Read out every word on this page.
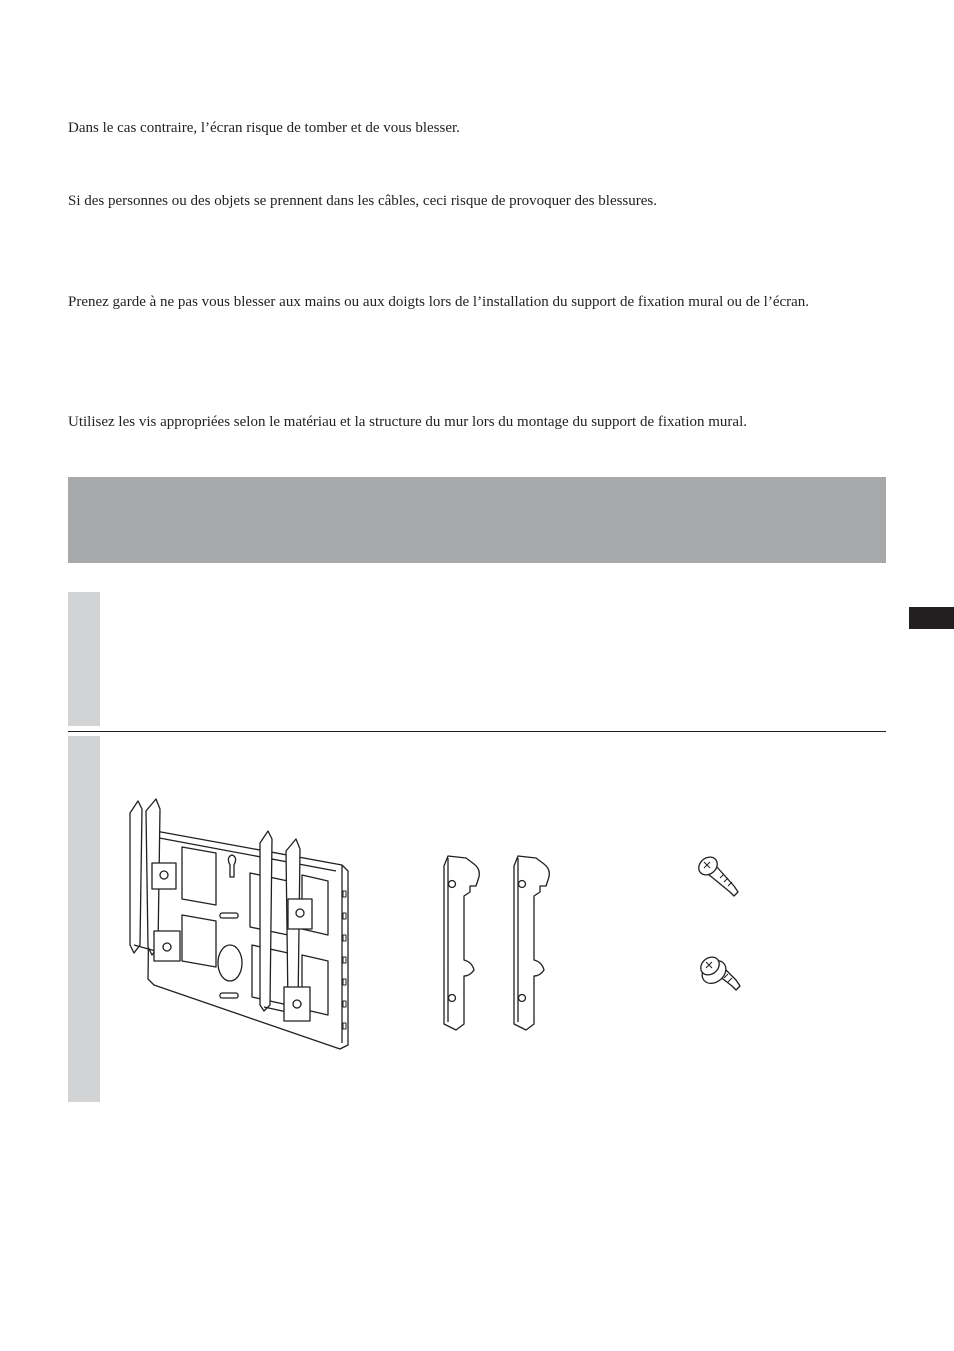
Dans le cas contraire, l’écran risque de tomber et de vous blesser.

Si des personnes ou des objets se prennent dans les câbles, ceci risque de provoquer des blessures.

Prenez garde à ne pas vous blesser aux mains ou aux doigts lors de l’installation du support de fixation mural ou de l’écran.

Utilisez les vis appropriées selon le matériau et la structure du mur lors du montage du support de fixation mural.
